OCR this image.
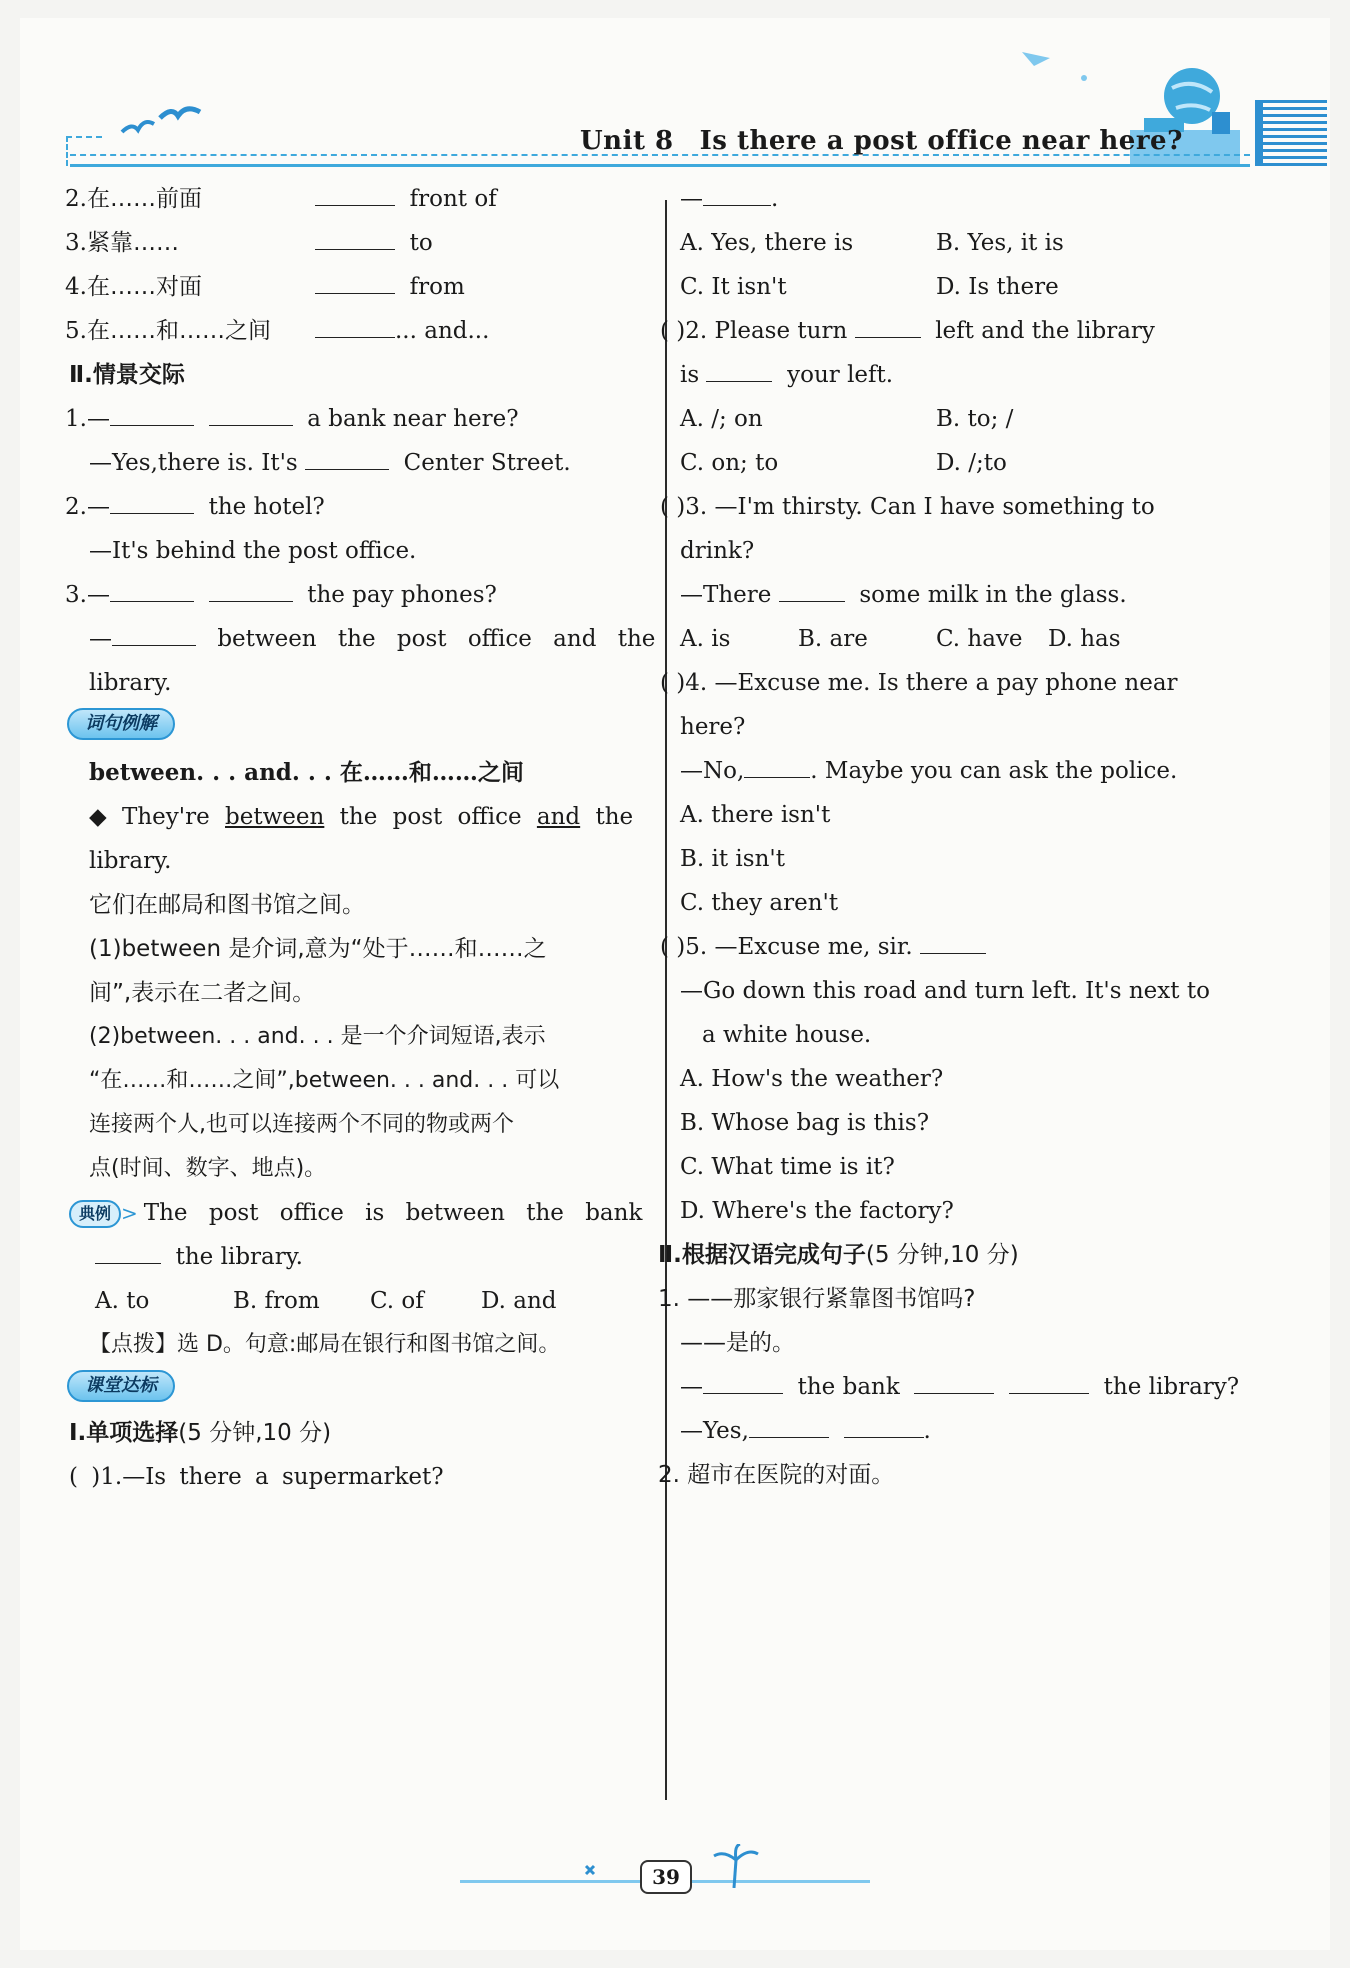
Unit 8 Is there a post office near here?
2.在……前面	front of
3.紧靠……	to
4.在……对面	from
5.在……和……之间	... and...
Ⅱ.情景交际
1.—	a bank near here?
—Yes,there is. It's	Center Street.
2.—	the hotel?
—It's behind the post office.
3.—	the pay phones?
—	between the post office and the
library.
词句例解
between. . . and. . . 在……和……之间
◆ They're between the post office and the
library.
它们在邮局和图书馆之间。
(1)between 是介词,意为“处于……和……之
间”,表示在二者之间。
(2)between. . . and. . . 是一个介词短语,表示
“在……和……之间”,between. . . and. . . 可以
连接两个人,也可以连接两个不同的物或两个
点(时间、数字、地点)。
典例 > The post office is between the bank
the library.
A. to	B. from C. of D. and
【点拨】选 D。句意:邮局在银行和图书馆之间。
课堂达标
Ⅰ.单项选择(5 分钟,10 分)
( )1.—Is there a supermarket?
—	.
A. Yes, there is	B. Yes, it is
C. It isn't	D. Is there
( )2. Please turn	left and the library
is	your left.
A. /; on	B. to; /
C. on; to	D. /;to
( )3. —I'm thirsty. Can I have something to
drink?
—There	some milk in the glass.
A. is	B. are	C. have D. has
( )4. —Excuse me. Is there a pay phone near
here?
—No,	. Maybe you can ask the police.
A. there isn't
B. it isn't
C. they aren't
( )5. —Excuse me, sir.
—Go down this road and turn left. It's next to
a white house.
A. How's the weather?
B. Whose bag is this?
C. What time is it?
D. Where's the factory?
Ⅱ.根据汉语完成句子(5 分钟,10 分)
1. ——那家银行紧靠图书馆吗?
——是的。
—	the bank	the library?
—Yes,	.
2. 超市在医院的对面。
39
